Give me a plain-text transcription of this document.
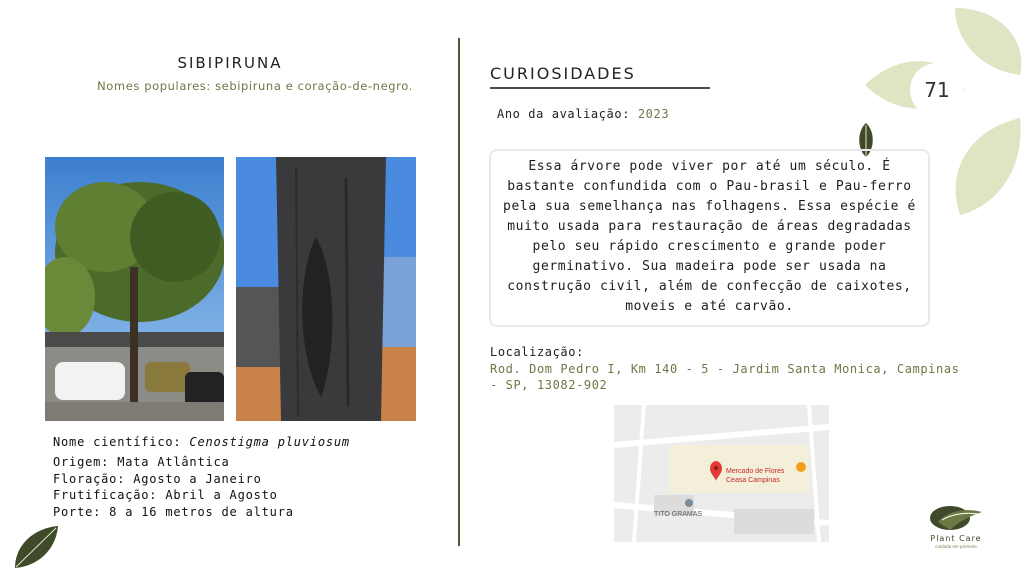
71
SIBIPIRUNA
Nomes populares: sebipiruna e coração-de-negro.
Nome científico: Cenostigma pluviosum
Origem: Mata Atlântica
Floração: Agosto a Janeiro
Frutificação: Abril a Agosto
Porte: 8 a 16 metros de altura
CURIOSIDADES
Ano da avaliação: 2023
Essa árvore pode viver por até um século. É bastante confundida com o Pau-brasil e Pau-ferro pela sua semelhança nas folhagens. Essa espécie é muito usada para restauração de áreas degradadas pelo seu rápido crescimento e grande poder germinativo. Sua madeira pode ser usada na construção civil, além de confecção de caixotes, moveis e até carvão.
Localização:
Rod. Dom Pedro I, Km 140 - 5 - Jardim Santa Monica, Campinas - SP, 13082-902
Mercado de Flores
Ceasa Campinas
TITO GRAMAS
Plant Care
cuidado em primeiro
